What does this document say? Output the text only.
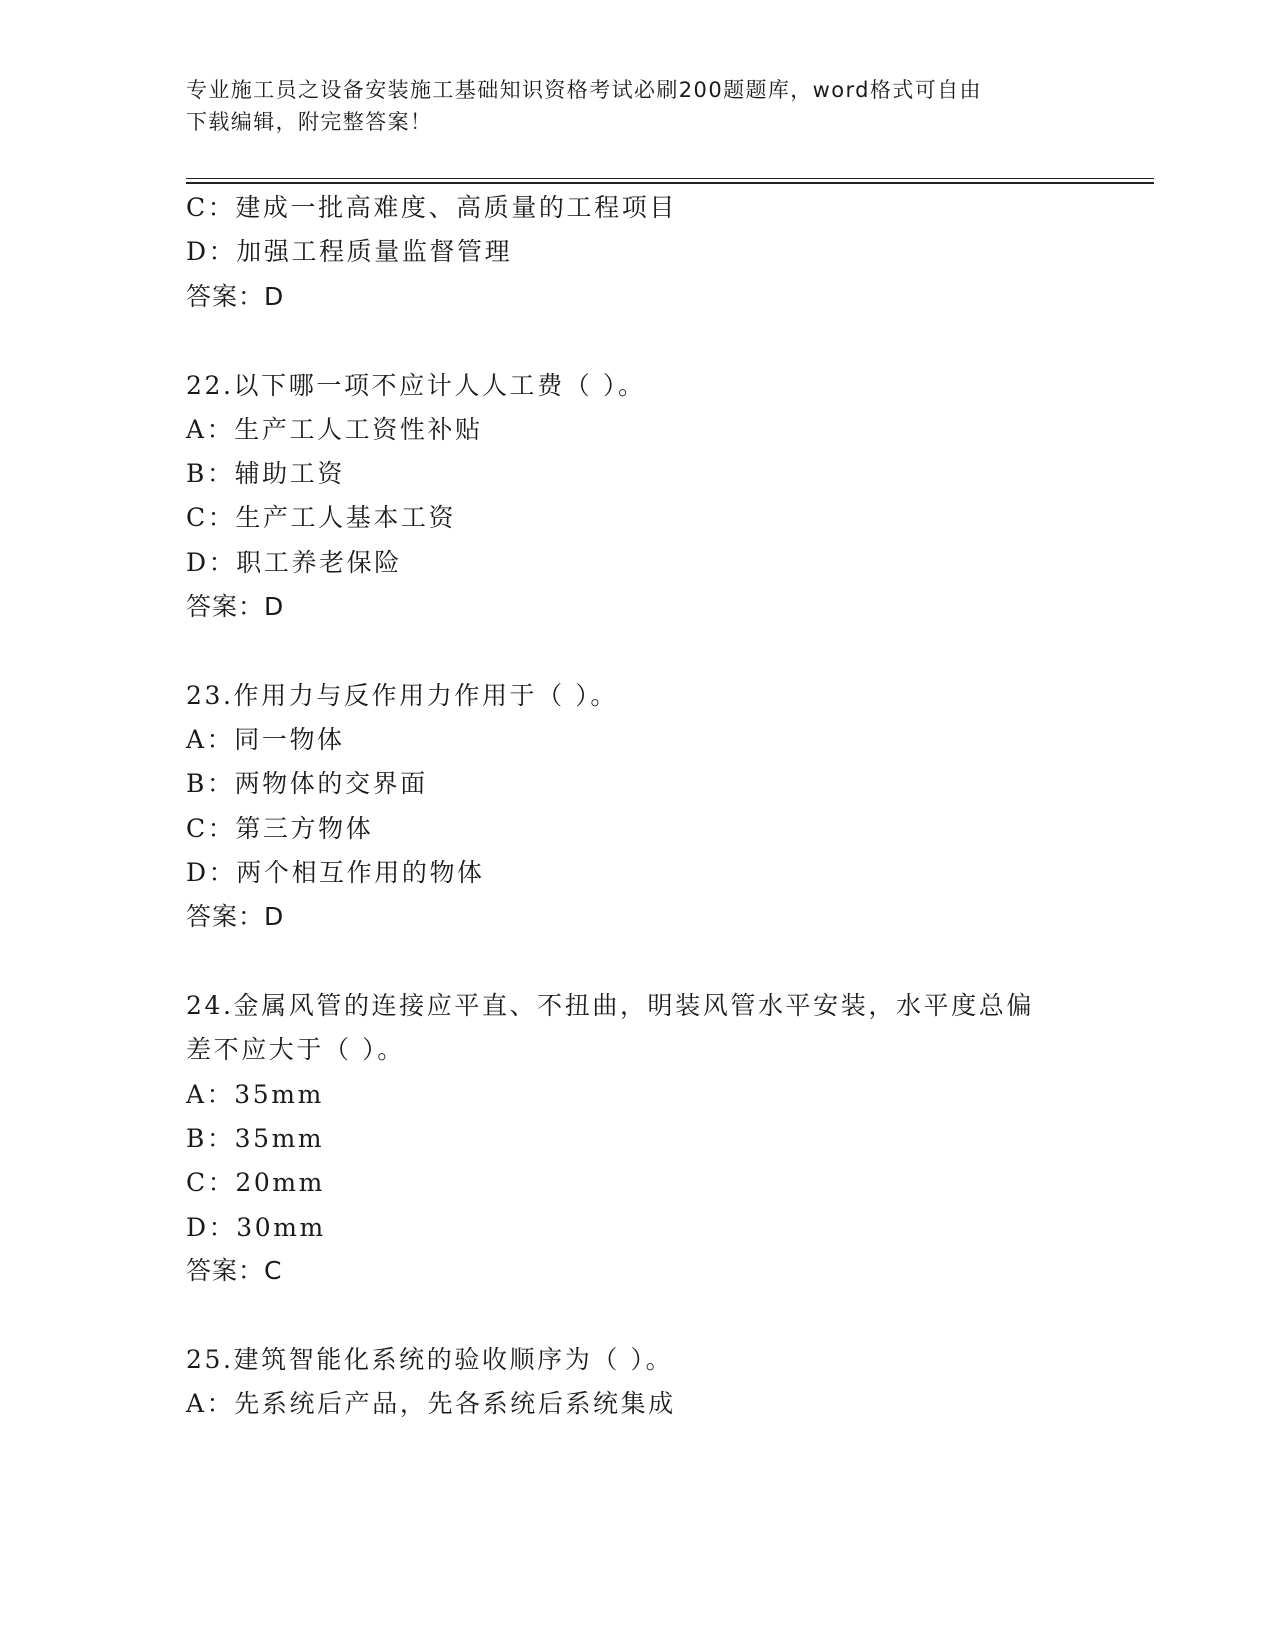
专业施工员之设备安装施工基础知识资格考试必刷200题题库，word格式可自由
下载编辑，附完整答案！
C：建成一批高难度、高质量的工程项目
D：加强工程质量监督管理
答案：D
22.以下哪一项不应计人人工费（ ）。
A：生产工人工资性补贴
B：辅助工资
C：生产工人基本工资
D：职工养老保险
答案：D
23.作用力与反作用力作用于（ ）。
A：同一物体
B：两物体的交界面
C：第三方物体
D：两个相互作用的物体
答案：D
24.金属风管的连接应平直、不扭曲，明装风管水平安装，水平度总偏
差不应大于（ ）。
A：35mm
B：35mm
C：20mm
D：30mm
答案：C
25.建筑智能化系统的验收顺序为（ ）。
A：先系统后产品，先各系统后系统集成
